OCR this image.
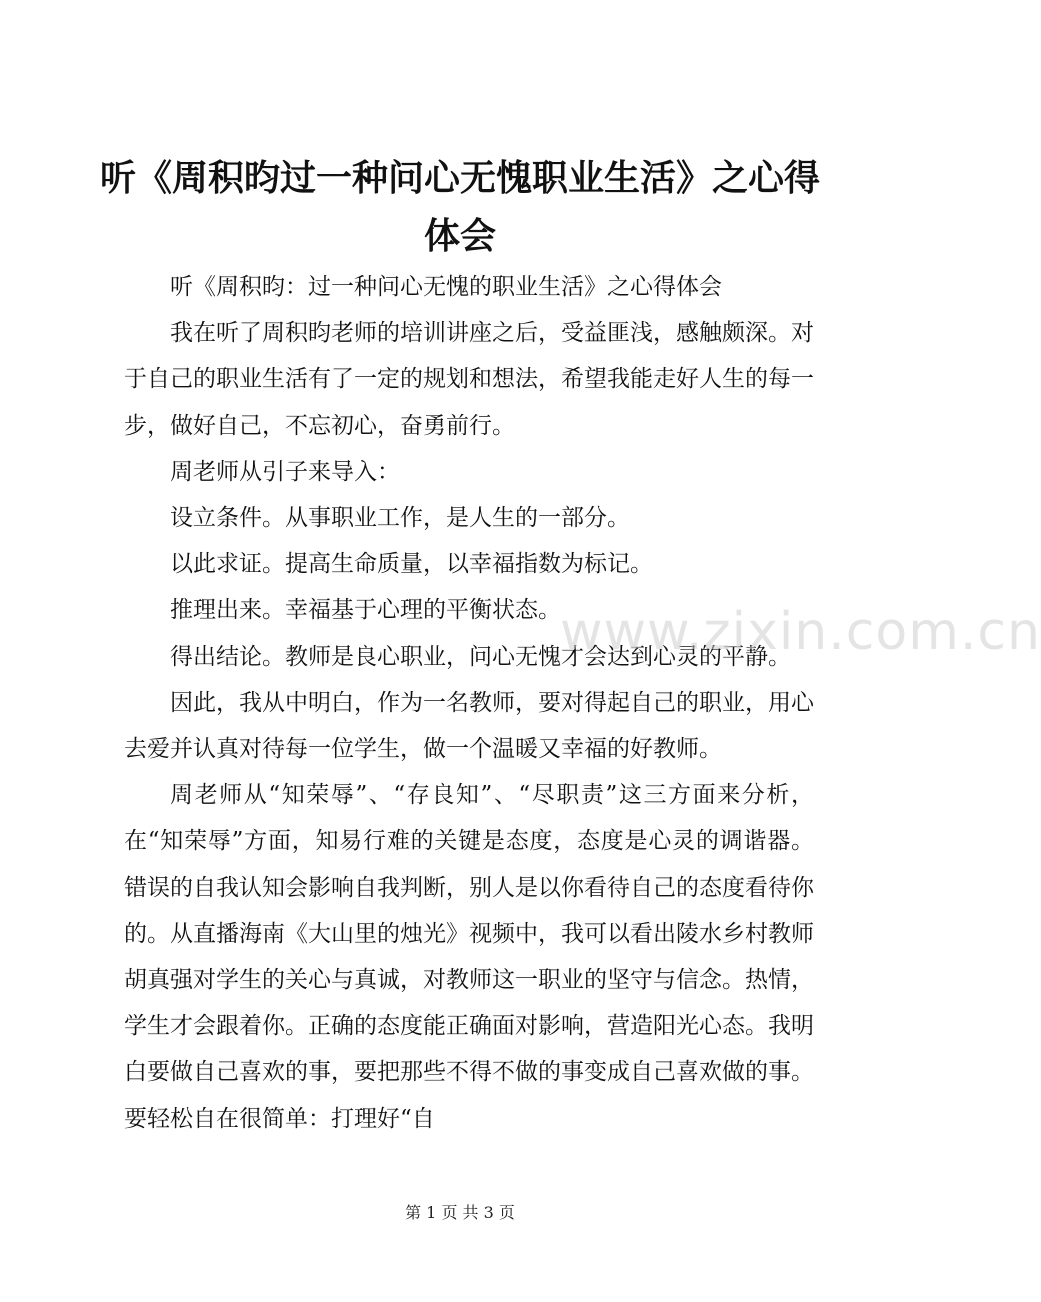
听《周积昀过一种问心无愧职业生活》之心得体会

听《周积昀：过一种问心无愧的职业生活》之心得体会

我在听了周积昀老师的培训讲座之后，受益匪浅，感触颇深。对于自己的职业生活有了一定的规划和想法，希望我能走好人生的每一步，做好自己，不忘初心，奋勇前行。

周老师从引子来导入：

设立条件。从事职业工作，是人生的一部分。

以此求证。提高生命质量，以幸福指数为标记。

推理出来。幸福基于心理的平衡状态。

得出结论。教师是良心职业，问心无愧才会达到心灵的平静。

因此，我从中明白，作为一名教师，要对得起自己的职业，用心去爱并认真对待每一位学生，做一个温暖又幸福的好教师。

周老师从“知荣辱”、“存良知”、“尽职责”这三方面来分析，在“知荣辱”方面，知易行难的关键是态度，态度是心灵的调谐器。错误的自我认知会影响自我判断，别人是以你看待自己的态度看待你的。从直播海南《大山里的烛光》视频中，我可以看出陵水乡村教师胡真强对学生的关心与真诚，对教师这一职业的坚守与信念。热情，学生才会跟着你。正确的态度能正确面对影响，营造阳光心态。我明白要做自己喜欢的事，要把那些不得不做的事变成自己喜欢做的事。要轻松自在很简单：打理好“自

www.zixin.com.cn
第 1 页 共 3 页
